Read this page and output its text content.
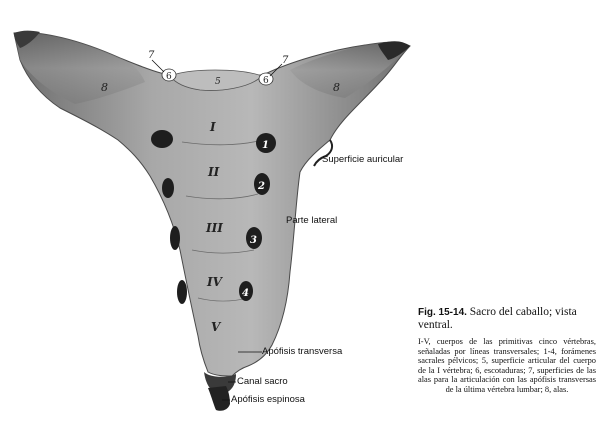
7	7
6	6
5
8	8
I
II
III
IV
V
1
2
3
4
Superficie auricular
Parte lateral
Apófisis transversa
Canal sacro
Apófisis espinosa
Fig. 15-14. Sacro del caballo; vista ventral.
I-V, cuerpos de las primitivas cinco vértebras, señaladas por líneas transversales; 1-4, forámenes sacrales pélvicos; 5, superficie articular del cuerpo de la I vértebra; 6, escotaduras; 7, superficies de las alas para la articulación con las apófisis transversas de la última vértebra lumbar; 8, alas.
